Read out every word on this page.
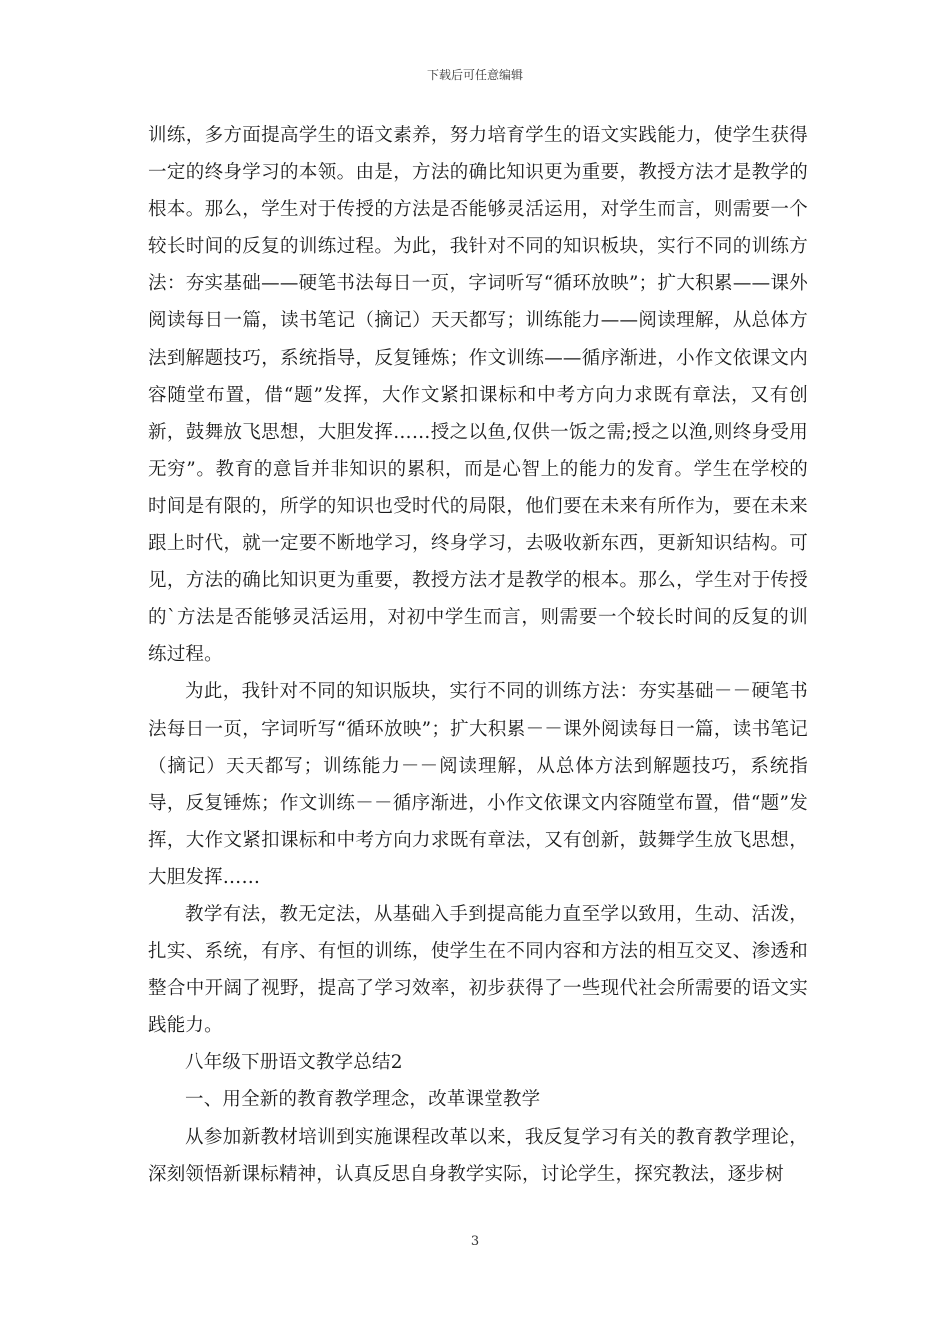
下载后可任意编辑

训练，多方面提高学生的语文素养，努力培育学生的语文实践能力，使学生获得一定的终身学习的本领。由是，方法的确比知识更为重要，教授方法才是教学的根本。那么，学生对于传授的方法是否能够灵活运用，对学生而言，则需要一个较长时间的反复的训练过程。为此，我针对不同的知识板块，实行不同的训练方法：夯实基础——硬笔书法每日一页，字词听写“循环放映”；扩大积累——课外阅读每日一篇，读书笔记（摘记）天天都写；训练能力——阅读理解，从总体方法到解题技巧，系统指导，反复锤炼；作文训练——循序渐进，小作文依课文内容随堂布置，借“题”发挥，大作文紧扣课标和中考方向力求既有章法，又有创新，鼓舞放飞思想，大胆发挥……授之以鱼,仅供一饭之需;授之以渔,则终身受用无穷”。教育的意旨并非知识的累积，而是心智上的能力的发育。学生在学校的时间是有限的，所学的知识也受时代的局限，他们要在未来有所作为，要在未来跟上时代，就一定要不断地学习，终身学习，去吸收新东西，更新知识结构。可见，方法的确比知识更为重要，教授方法才是教学的根本。那么，学生对于传授的`方法是否能够灵活运用，对初中学生而言，则需要一个较长时间的反复的训练过程。

为此，我针对不同的知识版块，实行不同的训练方法：夯实基础－－硬笔书法每日一页，字词听写“循环放映”；扩大积累－－课外阅读每日一篇，读书笔记（摘记）天天都写；训练能力－－阅读理解，从总体方法到解题技巧，系统指导，反复锤炼；作文训练－－循序渐进，小作文依课文内容随堂布置，借“题”发挥，大作文紧扣课标和中考方向力求既有章法，又有创新，鼓舞学生放飞思想，大胆发挥……

教学有法，教无定法，从基础入手到提高能力直至学以致用，生动、活泼，扎实、系统，有序、有恒的训练，使学生在不同内容和方法的相互交叉、渗透和整合中开阔了视野，提高了学习效率，初步获得了一些现代社会所需要的语文实践能力。

八年级下册语文教学总结2

一、用全新的教育教学理念，改革课堂教学

从参加新教材培训到实施课程改革以来，我反复学习有关的教育教学理论，深刻领悟新课标精神，认真反思自身教学实际，讨论学生，探究教法，逐步树

3
